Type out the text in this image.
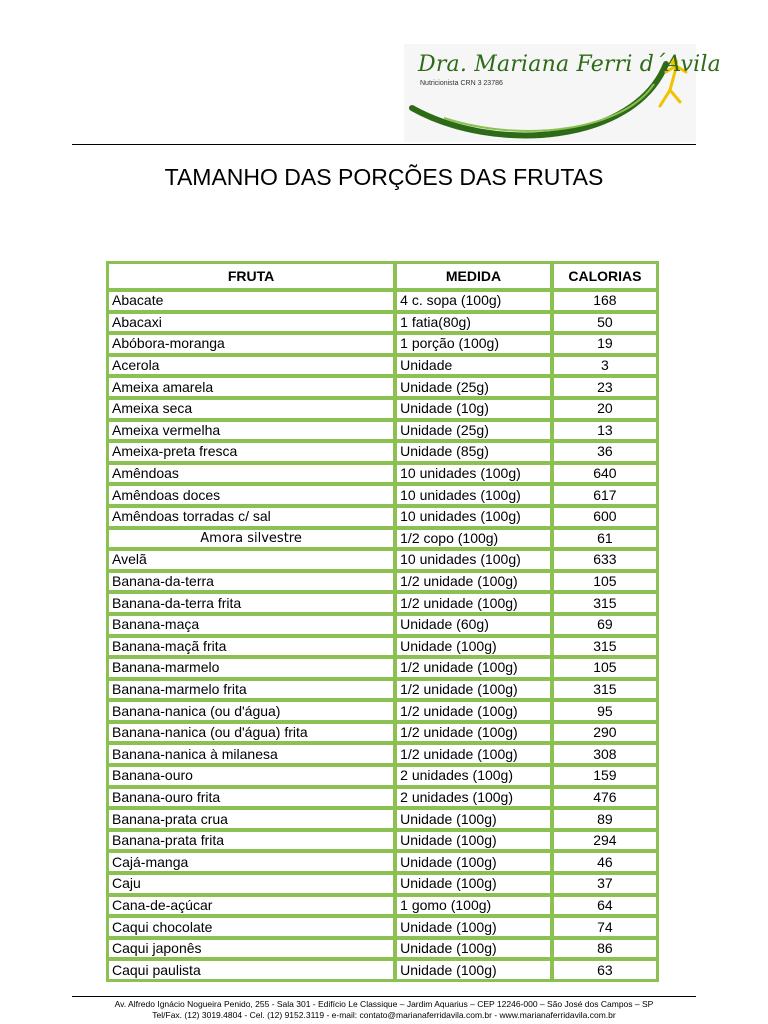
Dra. Mariana Ferri d´Avila
Nutricionista CRN 3 23786
TAMANHO DAS PORÇÕES DAS FRUTAS
FRUTA	MEDIDA	CALORIAS
Abacate	4 c. sopa (100g)	168
Abacaxi	1 fatia(80g)	50
Abóbora-moranga	1 porção (100g)	19
Acerola	Unidade	3
Ameixa amarela	Unidade (25g)	23
Ameixa seca	Unidade (10g)	20
Ameixa vermelha	Unidade (25g)	13
Ameixa-preta fresca	Unidade (85g)	36
Amêndoas	10 unidades (100g)	640
Amêndoas doces	10 unidades (100g)	617
Amêndoas torradas c/ sal	10 unidades (100g)	600
Amora silvestre	1/2 copo (100g)	61
Avelã	10 unidades (100g)	633
Banana-da-terra	1/2 unidade (100g)	105
Banana-da-terra frita	1/2 unidade (100g)	315
Banana-maça	Unidade (60g)	69
Banana-maçã frita	Unidade (100g)	315
Banana-marmelo	1/2 unidade (100g)	105
Banana-marmelo frita	1/2 unidade (100g)	315
Banana-nanica (ou d'água)	1/2 unidade (100g)	95
Banana-nanica (ou d'água) frita	1/2 unidade (100g)	290
Banana-nanica à milanesa	1/2 unidade (100g)	308
Banana-ouro	2 unidades (100g)	159
Banana-ouro frita	2 unidades (100g)	476
Banana-prata crua	Unidade (100g)	89
Banana-prata frita	Unidade (100g)	294
Cajá-manga	Unidade (100g)	46
Caju	Unidade (100g)	37
Cana-de-açúcar	1 gomo (100g)	64
Caqui chocolate	Unidade (100g)	74
Caqui japonês	Unidade (100g)	86
Caqui paulista	Unidade (100g)	63
Av. Alfredo Ignácio Nogueira Penido, 255 - Sala 301 - Edifício Le Classique – Jardim Aquarius – CEP 12246-000 – São José dos Campos – SP
Tel/Fax. (12) 3019.4804 - Cel. (12) 9152.3119 - e-mail: contato@marianaferridavila.com.br - www.marianaferridavila.com.br
